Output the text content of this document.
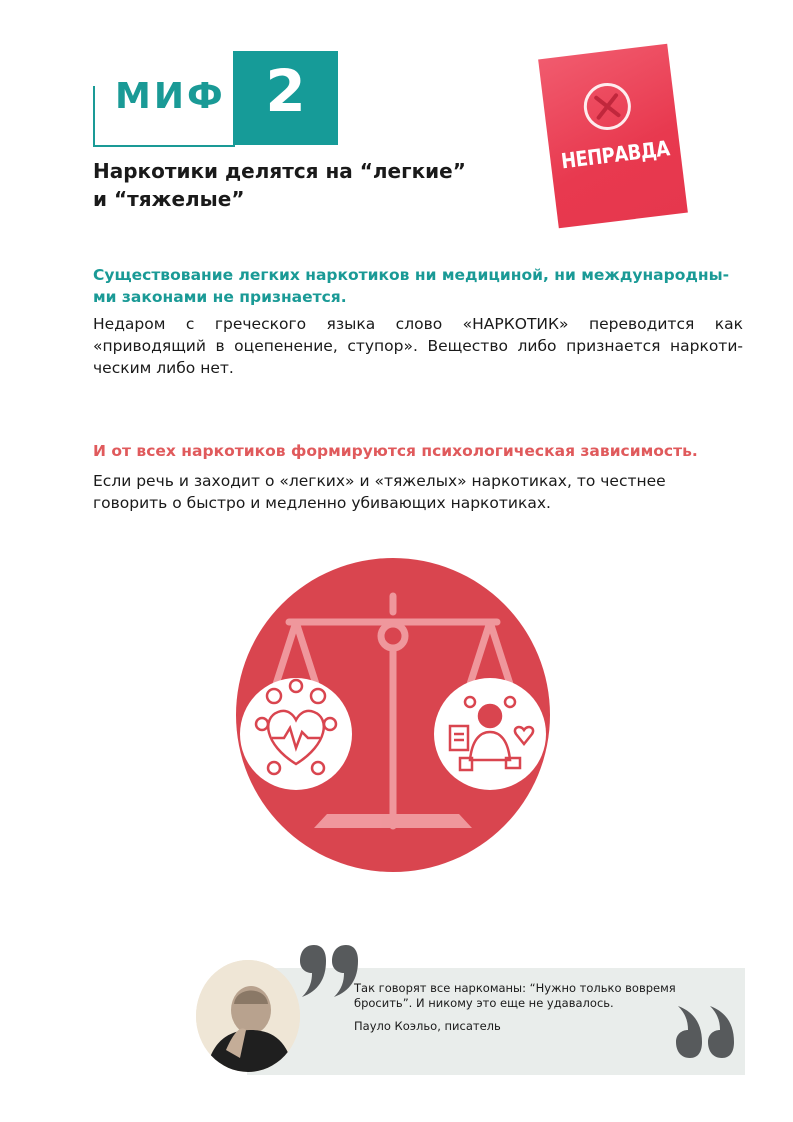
МИФ 2
Наркотики делятся на “легкие”
и “тяжелые”
НЕПРАВДА
Существование легких наркотиков ни медициной, ни международны-ми законами не признается.
Недаром с греческого языка слово «НАРКОТИК» переводится как «приводящий в оцепенение, ступор». Вещество либо признается наркоти-ческим либо нет.
И от всех наркотиков формируются психологическая зависимость.
Если речь и заходит о «легких» и «тяжелых» наркотиках, то честнее говорить о быстро и медленно убивающих наркотиках.
Так говорят все наркоманы: “Нужно только вовремя бросить”. И никому это еще не удавалось.
Пауло Коэльо, писатель
